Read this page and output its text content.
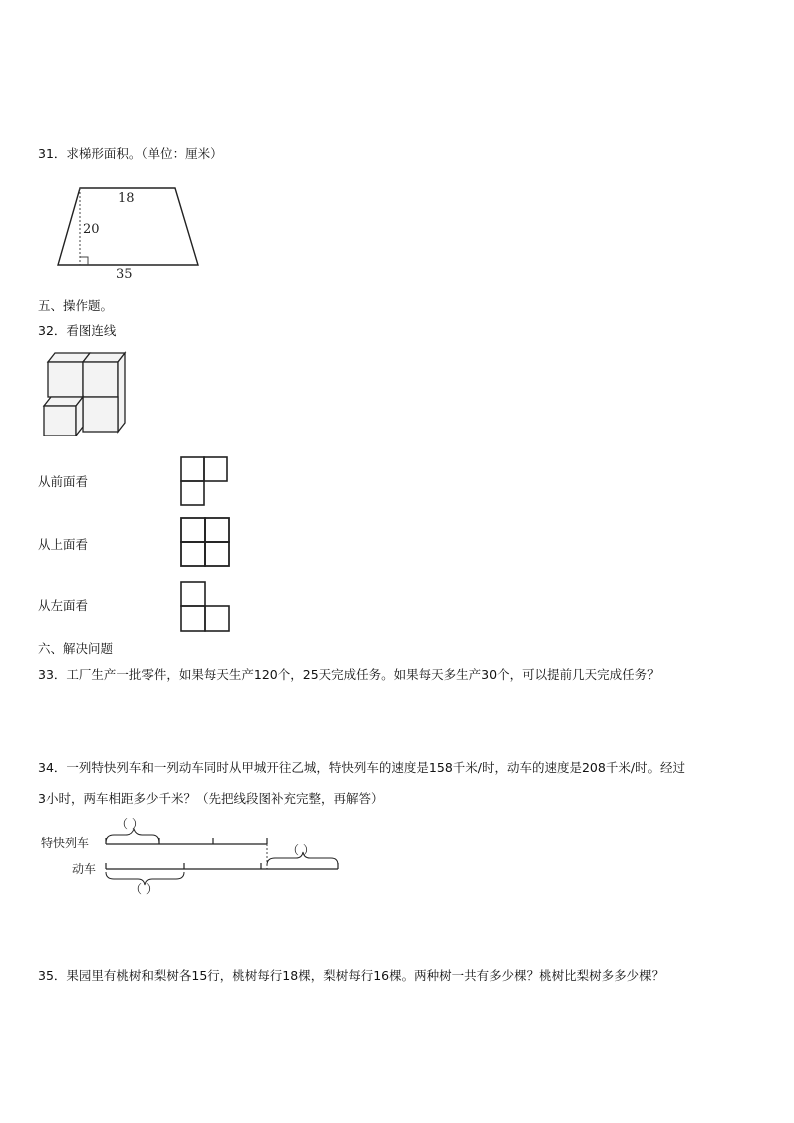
31．求梯形面积。（单位：厘米）
18
20
35
五、操作题。
32．看图连线
从前面看
从上面看
从左面看
六、解决问题
33．工厂生产一批零件，如果每天生产120个，25天完成任务。如果每天多生产30个，可以提前几天完成任务？
34．一列特快列车和一列动车同时从甲城开往乙城，特快列车的速度是158千米/时，动车的速度是208千米/时。经过
3小时，两车相距多少千米？（先把线段图补充完整，再解答）
（ ）
特快列车	（ ）
动车
（ ）
35．果园里有桃树和梨树各15行，桃树每行18棵，梨树每行16棵。两种树一共有多少棵？桃树比梨树多多少棵？
